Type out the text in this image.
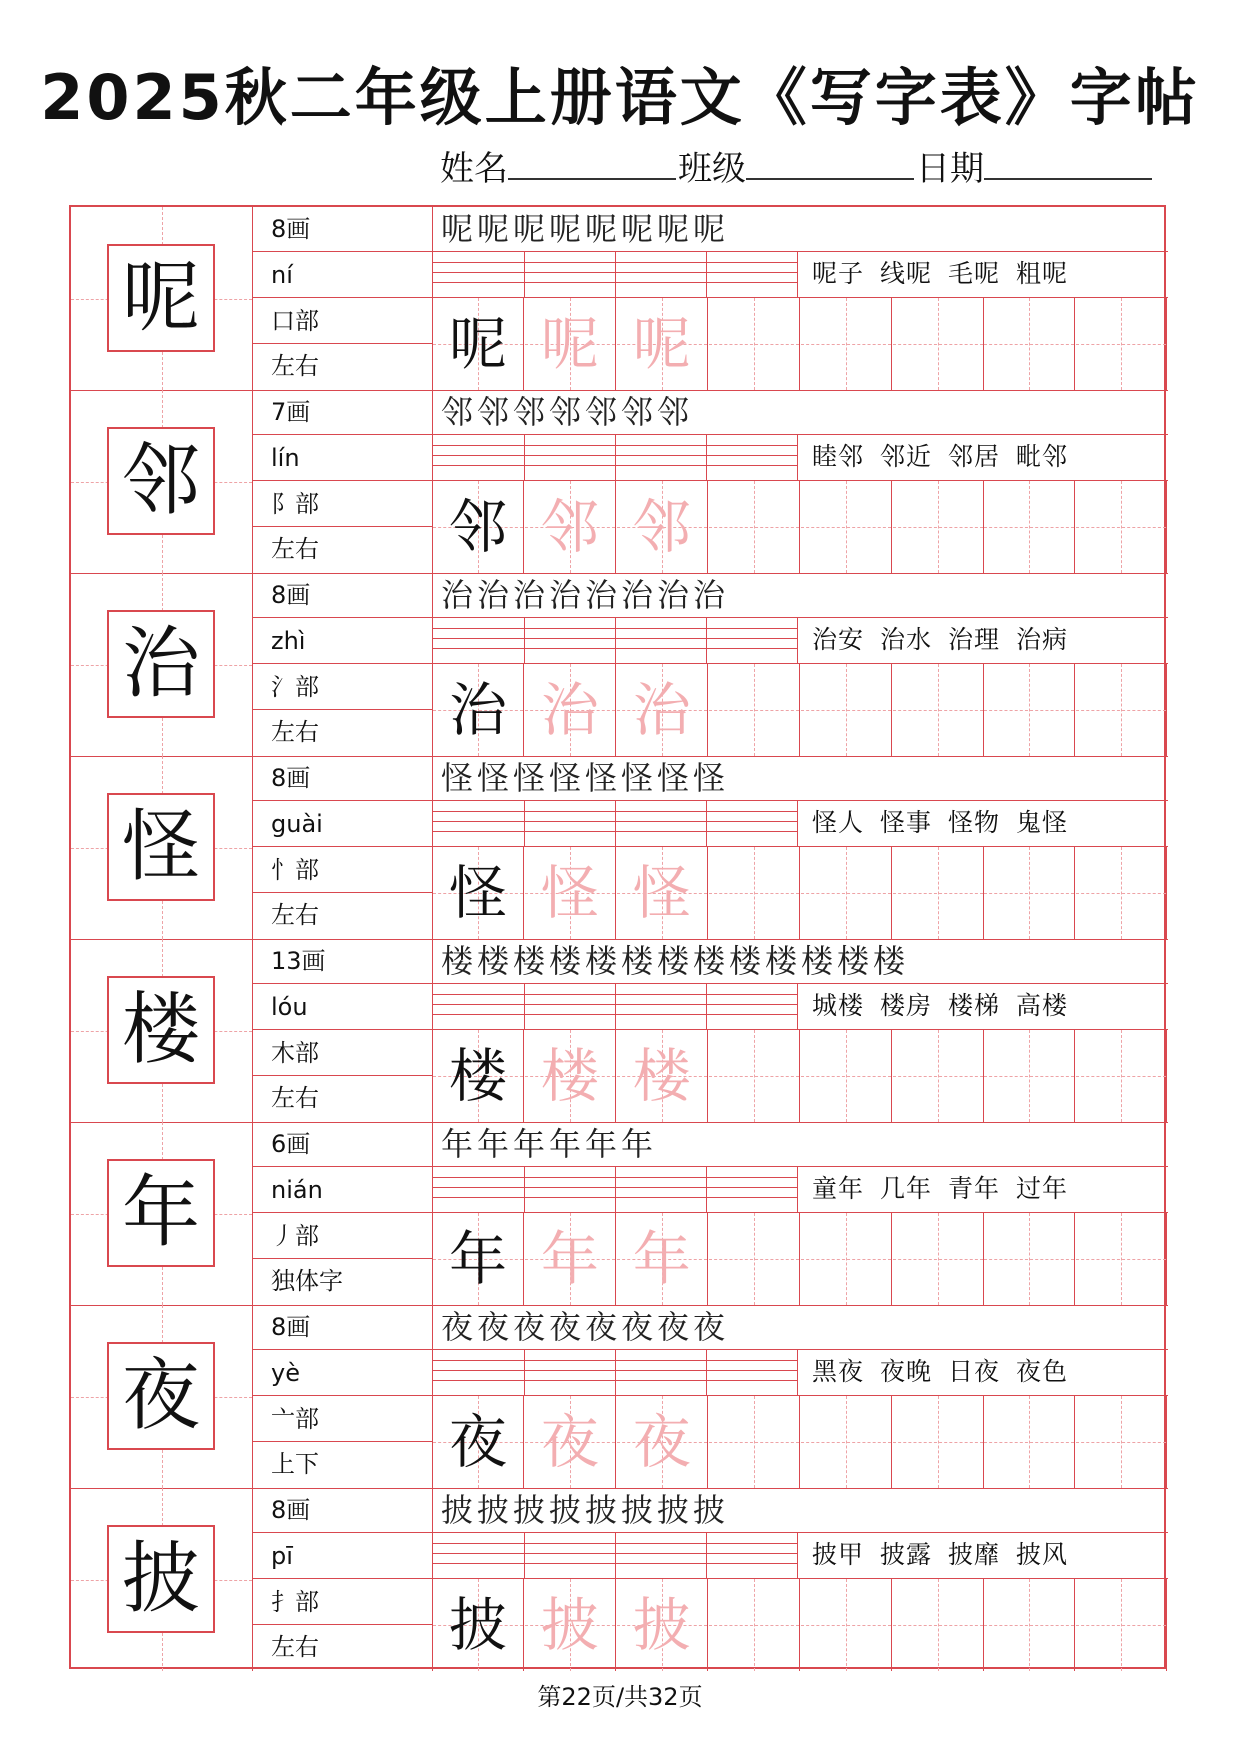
2025秋二年级上册语文《写字表》字帖
姓名	班级	日期
呢
8画
ní
口部
左右
呢呢呢呢呢呢呢呢
呢子 线呢 毛呢 粗呢
呢 呢 呢
邻
7画
lín
阝部
左右
邻邻邻邻邻邻邻
睦邻 邻近 邻居 毗邻
邻 邻 邻
治
8画
zhì
氵部
左右
治治治治治治治治
治安 治水 治理 治病
治 治 治
怪
8画
guài
忄部
左右
怪怪怪怪怪怪怪怪
怪人 怪事 怪物 鬼怪
怪 怪 怪
楼
13画
lóu
木部
左右
楼楼楼楼楼楼楼楼楼楼楼楼楼
城楼 楼房 楼梯 高楼
楼 楼 楼
年
6画
nián
丿部
独体字
年年年年年年
童年 几年 青年 过年
年 年 年
夜
8画
yè
亠部
上下
夜夜夜夜夜夜夜夜
黑夜 夜晚 日夜 夜色
夜 夜 夜
披
8画
pī
扌部
左右
披披披披披披披披
披甲 披露 披靡 披风
披 披 披
第22页/共32页
